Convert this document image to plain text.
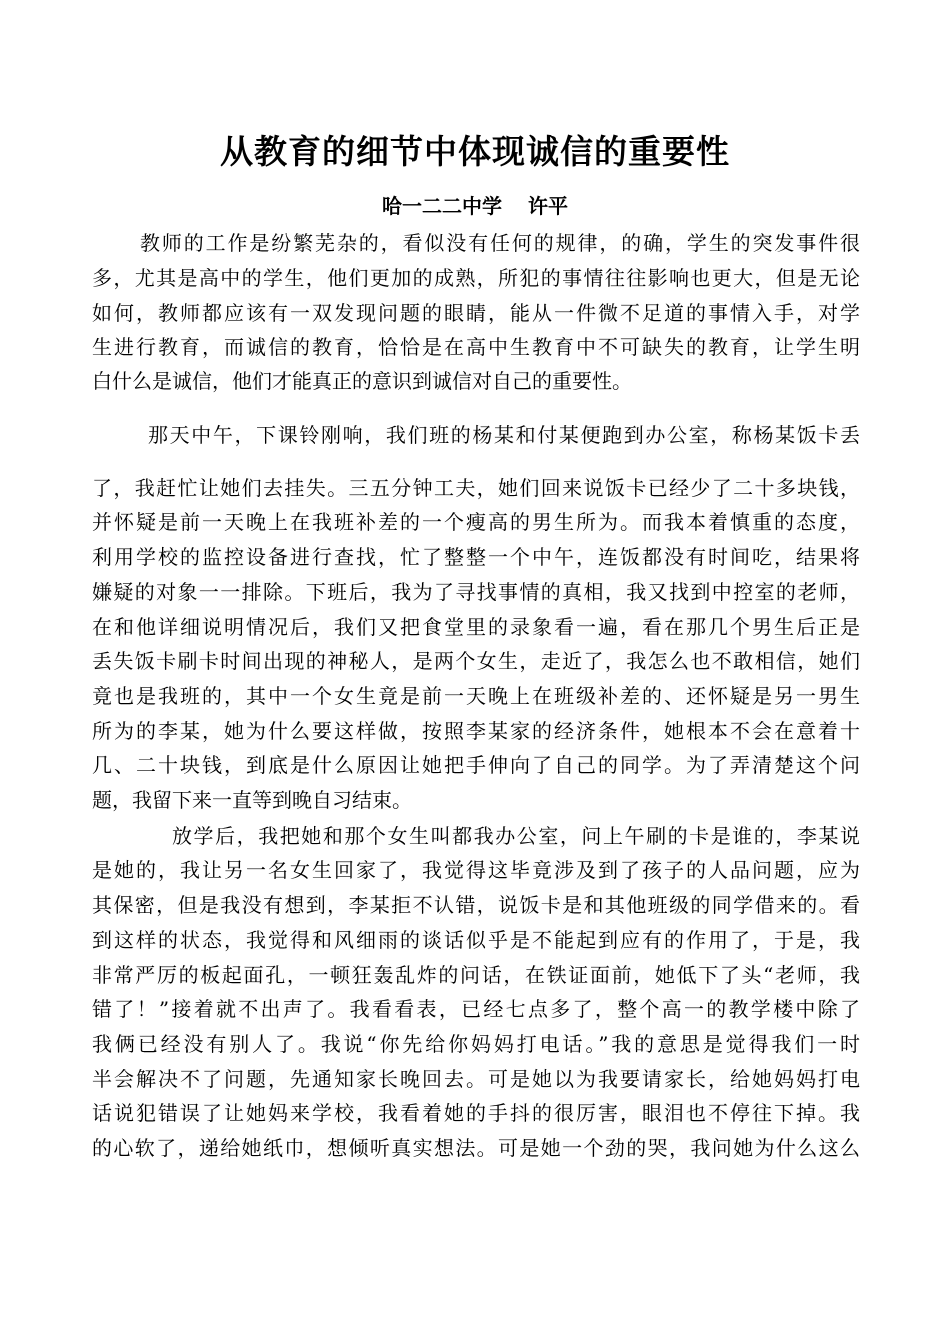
从教育的细节中体现诚信的重要性

哈一二二中学 许平

教师的工作是纷繁芜杂的，看似没有任何的规律，的确，学生的突发事件很

多，尤其是高中的学生，他们更加的成熟，所犯的事情往往影响也更大，但是无论

如何，教师都应该有一双发现问题的眼睛，能从一件微不足道的事情入手，对学

生进行教育，而诚信的教育，恰恰是在高中生教育中不可缺失的教育，让学生明

白什么是诚信，他们才能真正的意识到诚信对自己的重要性。

那天中午，下课铃刚响，我们班的杨某和付某便跑到办公室，称杨某饭卡丢

了，我赶忙让她们去挂失。三五分钟工夫，她们回来说饭卡已经少了二十多块钱，

并怀疑是前一天晚上在我班补差的一个瘦高的男生所为。而我本着慎重的态度，

利用学校的监控设备进行查找，忙了整整一个中午，连饭都没有时间吃，结果将

嫌疑的对象一一排除。下班后，我为了寻找事情的真相，我又找到中控室的老师，

在和他详细说明情况后，我们又把食堂里的录象看一遍，看在那几个男生后正是

丢失饭卡刷卡时间出现的神秘人，是两个女生，走近了，我怎么也不敢相信，她们

竟也是我班的，其中一个女生竟是前一天晚上在班级补差的、还怀疑是另一男生

所为的李某，她为什么要这样做，按照李某家的经济条件，她根本不会在意着十

几、二十块钱，到底是什么原因让她把手伸向了自己的同学。为了弄清楚这个问

题，我留下来一直等到晚自习结束。

放学后，我把她和那个女生叫都我办公室，问上午刷的卡是谁的，李某说

是她的，我让另一名女生回家了，我觉得这毕竟涉及到了孩子的人品问题，应为

其保密，但是我没有想到，李某拒不认错，说饭卡是和其他班级的同学借来的。看

到这样的状态，我觉得和风细雨的谈话似乎是不能起到应有的作用了，于是，我

非常严厉的板起面孔，一顿狂轰乱炸的问话，在铁证面前，她低下了头“老师，我

错了！”接着就不出声了。我看看表，已经七点多了，整个高一的教学楼中除了

我俩已经没有别人了。我说“你先给你妈妈打电话。”我的意思是觉得我们一时

半会解决不了问题，先通知家长晚回去。可是她以为我要请家长，给她妈妈打电

话说犯错误了让她妈来学校，我看着她的手抖的很厉害，眼泪也不停往下掉。我

的心软了，递给她纸巾，想倾听真实想法。可是她一个劲的哭，我问她为什么这么
